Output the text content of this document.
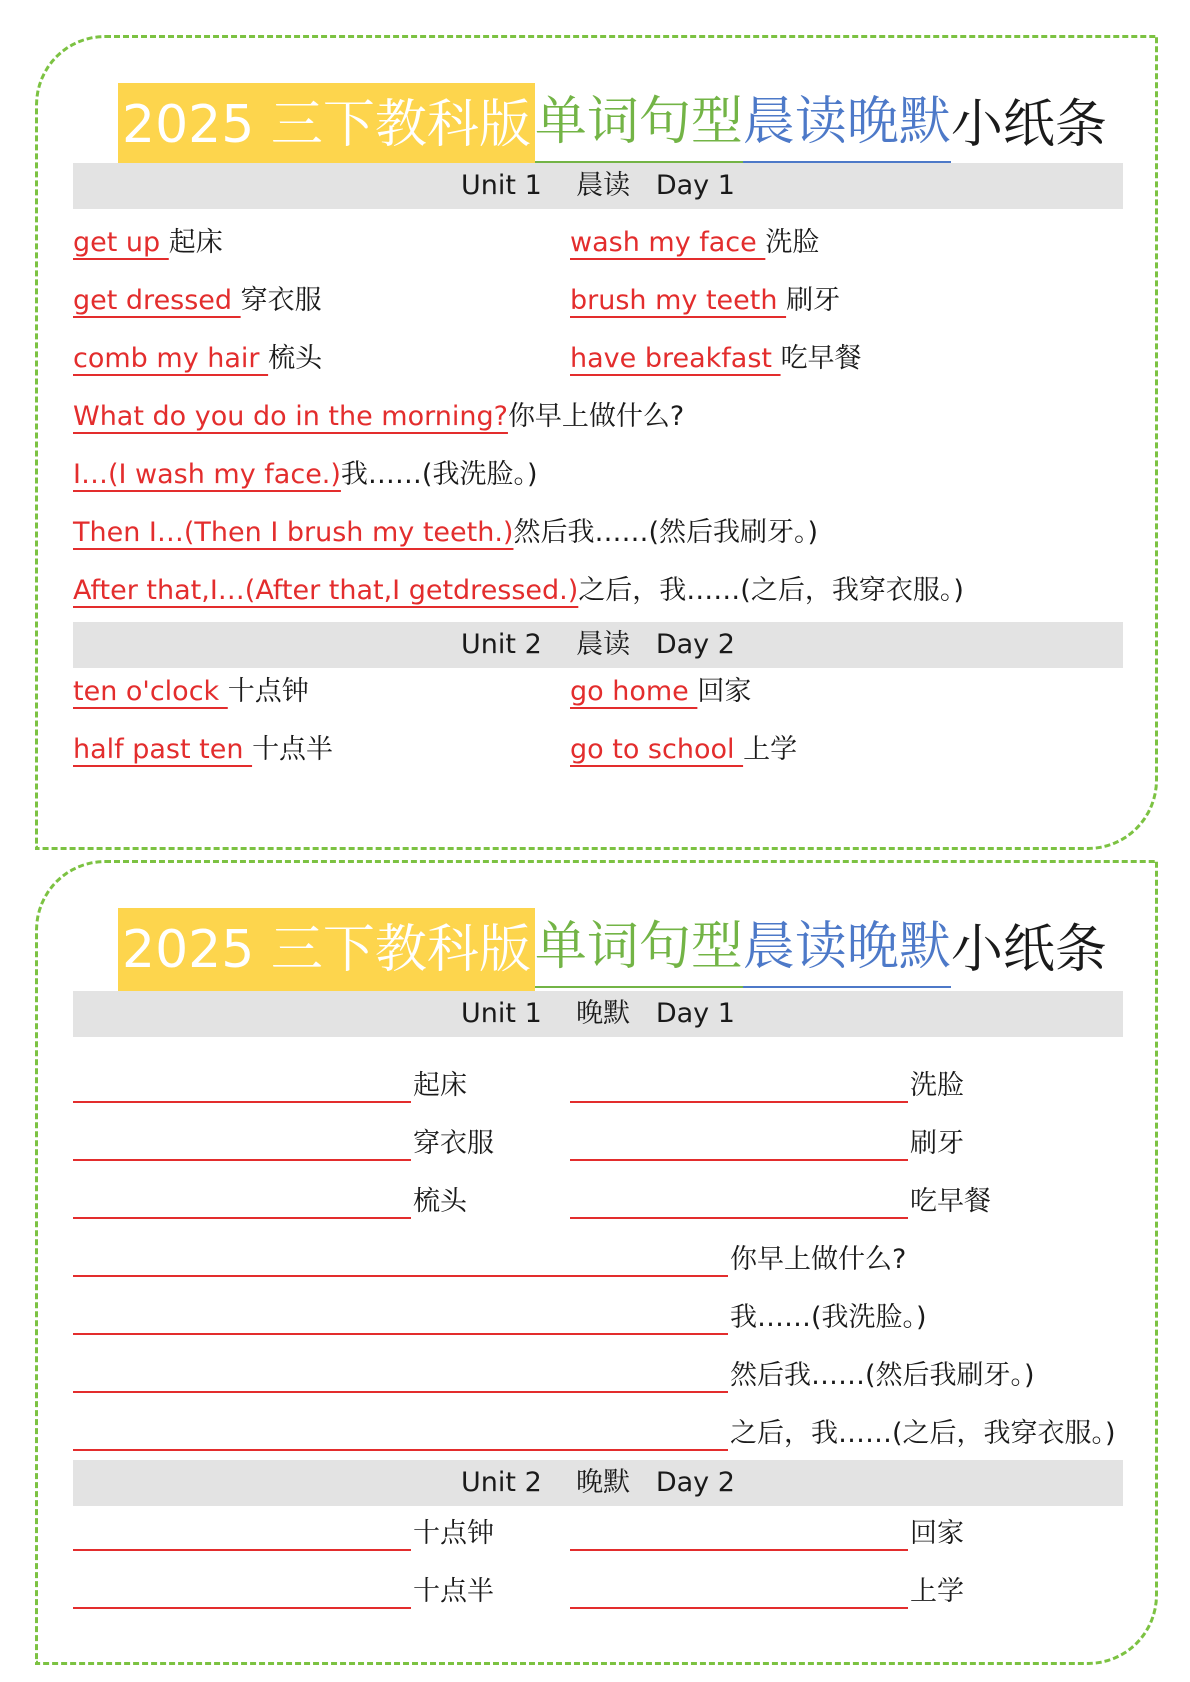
2025 三下教科版 单词句型 晨读晚默 小纸条
Unit 1    晨读   Day 1
get up 起床	wash my face 洗脸
get dressed 穿衣服	brush my teeth 刷牙
comb my hair 梳头	have breakfast 吃早餐
What do you do in the morning?你早上做什么?
I…(I wash my face.)我……(我洗脸。)
Then I…(Then I brush my teeth.)然后我……(然后我刷牙。)
After that,I…(After that,I getdressed.)之后，我……(之后，我穿衣服。)
Unit 2    晨读   Day 2
ten o'clock 十点钟	go home 回家
half past ten 十点半	go to school 上学
2025 三下教科版 单词句型 晨读晚默 小纸条
Unit 1    晚默   Day 1
起床	洗脸
穿衣服	刷牙
梳头	吃早餐
你早上做什么?
我……(我洗脸。)
然后我……(然后我刷牙。)
之后，我……(之后，我穿衣服。)
Unit 2    晚默   Day 2
十点钟	回家
十点半	上学
